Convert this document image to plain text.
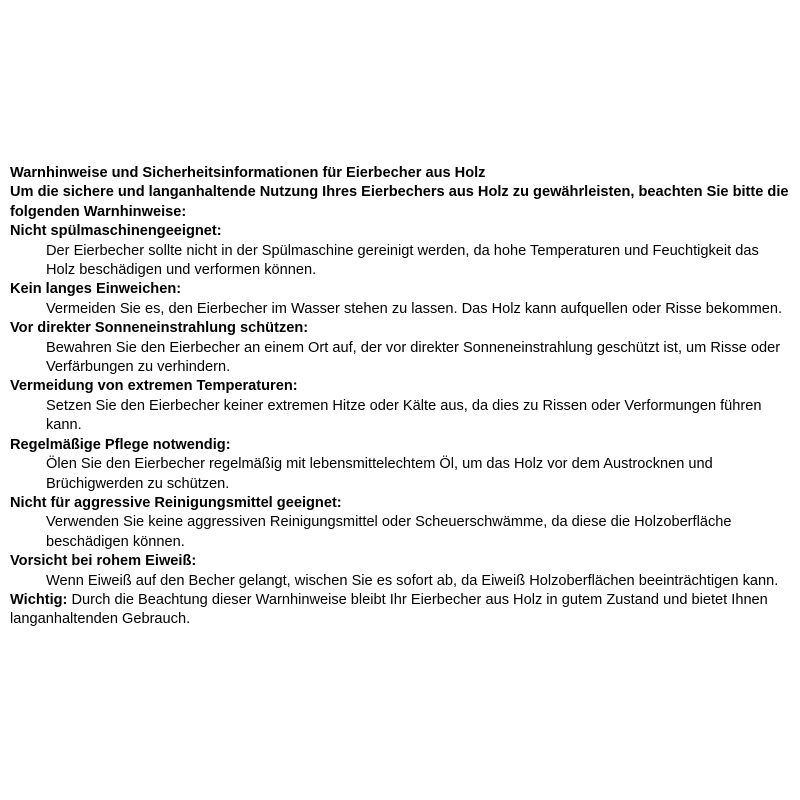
Warnhinweise und Sicherheitsinformationen für Eierbecher aus Holz

Um die sichere und langanhaltende Nutzung Ihres Eierbechers aus Holz zu gewährleisten, beachten Sie bitte die folgenden Warnhinweise:

Nicht spülmaschinengeeignet:

Der Eierbecher sollte nicht in der Spülmaschine gereinigt werden, da hohe Temperaturen und Feuchtigkeit das Holz beschädigen und verformen können.

Kein langes Einweichen:

Vermeiden Sie es, den Eierbecher im Wasser stehen zu lassen. Das Holz kann aufquellen oder Risse bekommen.

Vor direkter Sonneneinstrahlung schützen:

Bewahren Sie den Eierbecher an einem Ort auf, der vor direkter Sonneneinstrahlung geschützt ist, um Risse oder Verfärbungen zu verhindern.

Vermeidung von extremen Temperaturen:

Setzen Sie den Eierbecher keiner extremen Hitze oder Kälte aus, da dies zu Rissen oder Verformungen führen kann.

Regelmäßige Pflege notwendig:

Ölen Sie den Eierbecher regelmäßig mit lebensmittelechtem Öl, um das Holz vor dem Austrocknen und Brüchigwerden zu schützen.

Nicht für aggressive Reinigungsmittel geeignet:

Verwenden Sie keine aggressiven Reinigungsmittel oder Scheuerschwämme, da diese die Holzoberfläche beschädigen können.

Vorsicht bei rohem Eiweiß:

Wenn Eiweiß auf den Becher gelangt, wischen Sie es sofort ab, da Eiweiß Holzoberflächen beeinträchtigen kann.

Wichtig: Durch die Beachtung dieser Warnhinweise bleibt Ihr Eierbecher aus Holz in gutem Zustand und bietet Ihnen langanhaltenden Gebrauch.
